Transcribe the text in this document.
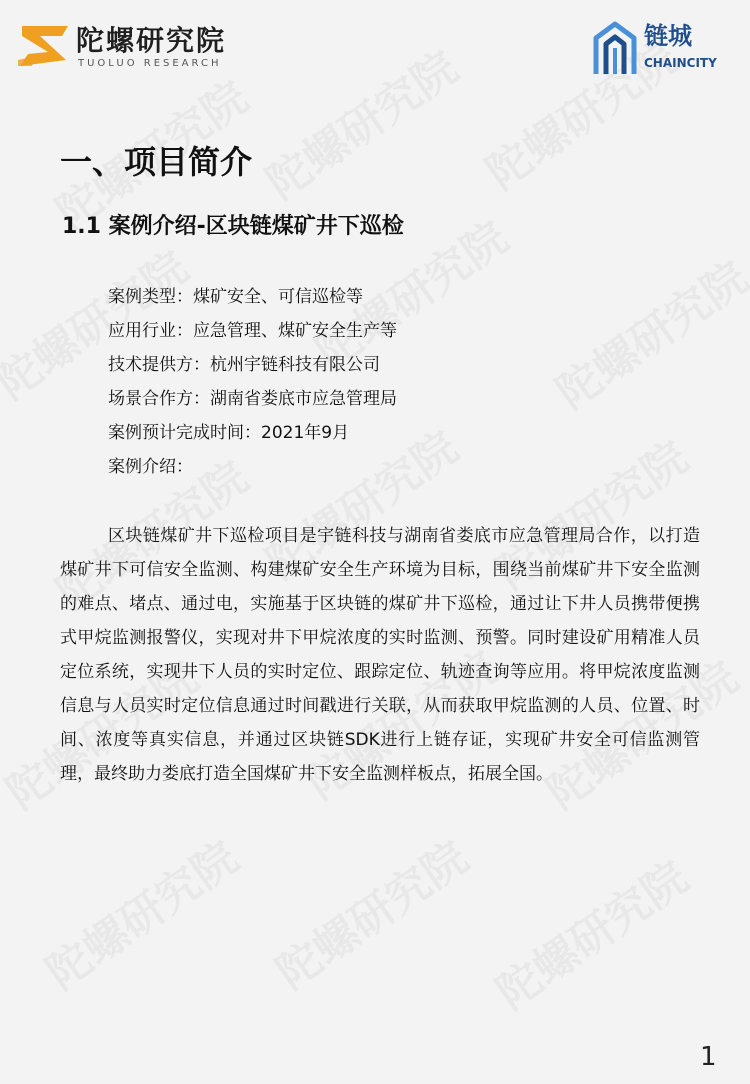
陀螺研究院
TUOLUO RESEARCH
链城
CHAINCITY
一、项目简介
1.1 案例介绍-区块链煤矿井下巡检
案例类型：煤矿安全、可信巡检等
应用行业：应急管理、煤矿安全生产等
技术提供方：杭州宇链科技有限公司
场景合作方：湖南省娄底市应急管理局
案例预计完成时间：2021年9月
案例介绍：
区块链煤矿井下巡检项目是宇链科技与湖南省娄底市应急管理局合作，以打造煤矿井下可信安全监测、构建煤矿安全生产环境为目标，围绕当前煤矿井下安全监测的难点、堵点、通过电，实施基于区块链的煤矿井下巡检，通过让下井人员携带便携式甲烷监测报警仪，实现对井下甲烷浓度的实时监测、预警。同时建设矿用精准人员定位系统，实现井下人员的实时定位、跟踪定位、轨迹查询等应用。将甲烷浓度监测信息与人员实时定位信息通过时间戳进行关联，从而获取甲烷监测的人员、位置、时间、浓度等真实信息，并通过区块链SDK进行上链存证，实现矿井安全可信监测管理，最终助力娄底打造全国煤矿井下安全监测样板点，拓展全国。
1
